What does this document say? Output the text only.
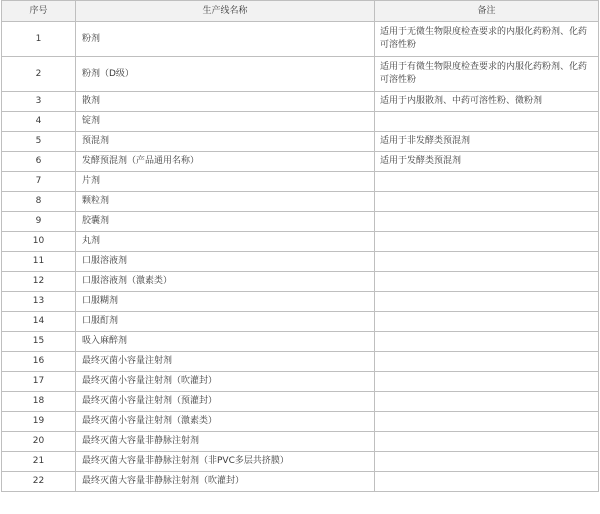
序号	生产线名称	备注
1	粉剂	适用于无微生物限度检查要求的内服化药粉剂、化药可溶性粉
2	粉剂（D级）	适用于有微生物限度检查要求的内服化药粉剂、化药可溶性粉
3	散剂	适用于内服散剂、中药可溶性粉、微粉剂
4	锭剂	
5	预混剂	适用于非发酵类预混剂
6	发酵预混剂（产品通用名称）	适用于发酵类预混剂
7	片剂	
8	颗粒剂	
9	胶囊剂	
10	丸剂	
11	口服溶液剂	
12	口服溶液剂（激素类）	
13	口服糊剂	
14	口服酊剂	
15	吸入麻醉剂	
16	最终灭菌小容量注射剂	
17	最终灭菌小容量注射剂（吹灌封）	
18	最终灭菌小容量注射剂（预灌封）	
19	最终灭菌小容量注射剂（激素类）	
20	最终灭菌大容量非静脉注射剂	
21	最终灭菌大容量非静脉注射剂（非PVC多层共挤膜）	
22	最终灭菌大容量非静脉注射剂（吹灌封）	
